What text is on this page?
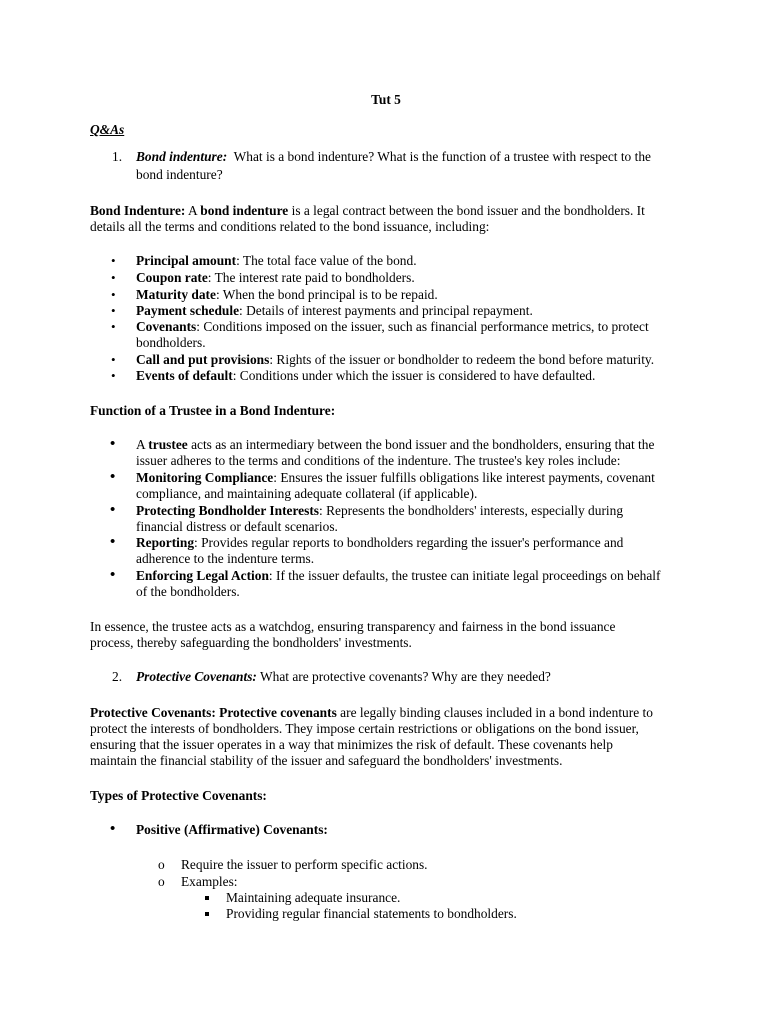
Tut 5
Q&As
1. Bond indenture: What is a bond indenture? What is the function of a trustee with respect to the
bond indenture?
Bond Indenture: A bond indenture is a legal contract between the bond issuer and the bondholders. It
details all the terms and conditions related to the bond issuance, including:
• Principal amount: The total face value of the bond.
• Coupon rate: The interest rate paid to bondholders.
• Maturity date: When the bond principal is to be repaid.
• Payment schedule: Details of interest payments and principal repayment.
• Covenants: Conditions imposed on the issuer, such as financial performance metrics, to protect
bondholders.
• Call and put provisions: Rights of the issuer or bondholder to redeem the bond before maturity.
• Events of default: Conditions under which the issuer is considered to have defaulted.
Function of a Trustee in a Bond Indenture:
• A trustee acts as an intermediary between the bond issuer and the bondholders, ensuring that the
issuer adheres to the terms and conditions of the indenture. The trustee's key roles include:
• Monitoring Compliance: Ensures the issuer fulfills obligations like interest payments, covenant
compliance, and maintaining adequate collateral (if applicable).
• Protecting Bondholder Interests: Represents the bondholders' interests, especially during
financial distress or default scenarios.
• Reporting: Provides regular reports to bondholders regarding the issuer's performance and
adherence to the indenture terms.
• Enforcing Legal Action: If the issuer defaults, the trustee can initiate legal proceedings on behalf
of the bondholders.
In essence, the trustee acts as a watchdog, ensuring transparency and fairness in the bond issuance
process, thereby safeguarding the bondholders' investments.
2. Protective Covenants: What are protective covenants? Why are they needed?
Protective Covenants: Protective covenants are legally binding clauses included in a bond indenture to
protect the interests of bondholders. They impose certain restrictions or obligations on the bond issuer,
ensuring that the issuer operates in a way that minimizes the risk of default. These covenants help
maintain the financial stability of the issuer and safeguard the bondholders' investments.
Types of Protective Covenants:
• Positive (Affirmative) Covenants:
o Require the issuer to perform specific actions.
o Examples:
Maintaining adequate insurance.
Providing regular financial statements to bondholders.
